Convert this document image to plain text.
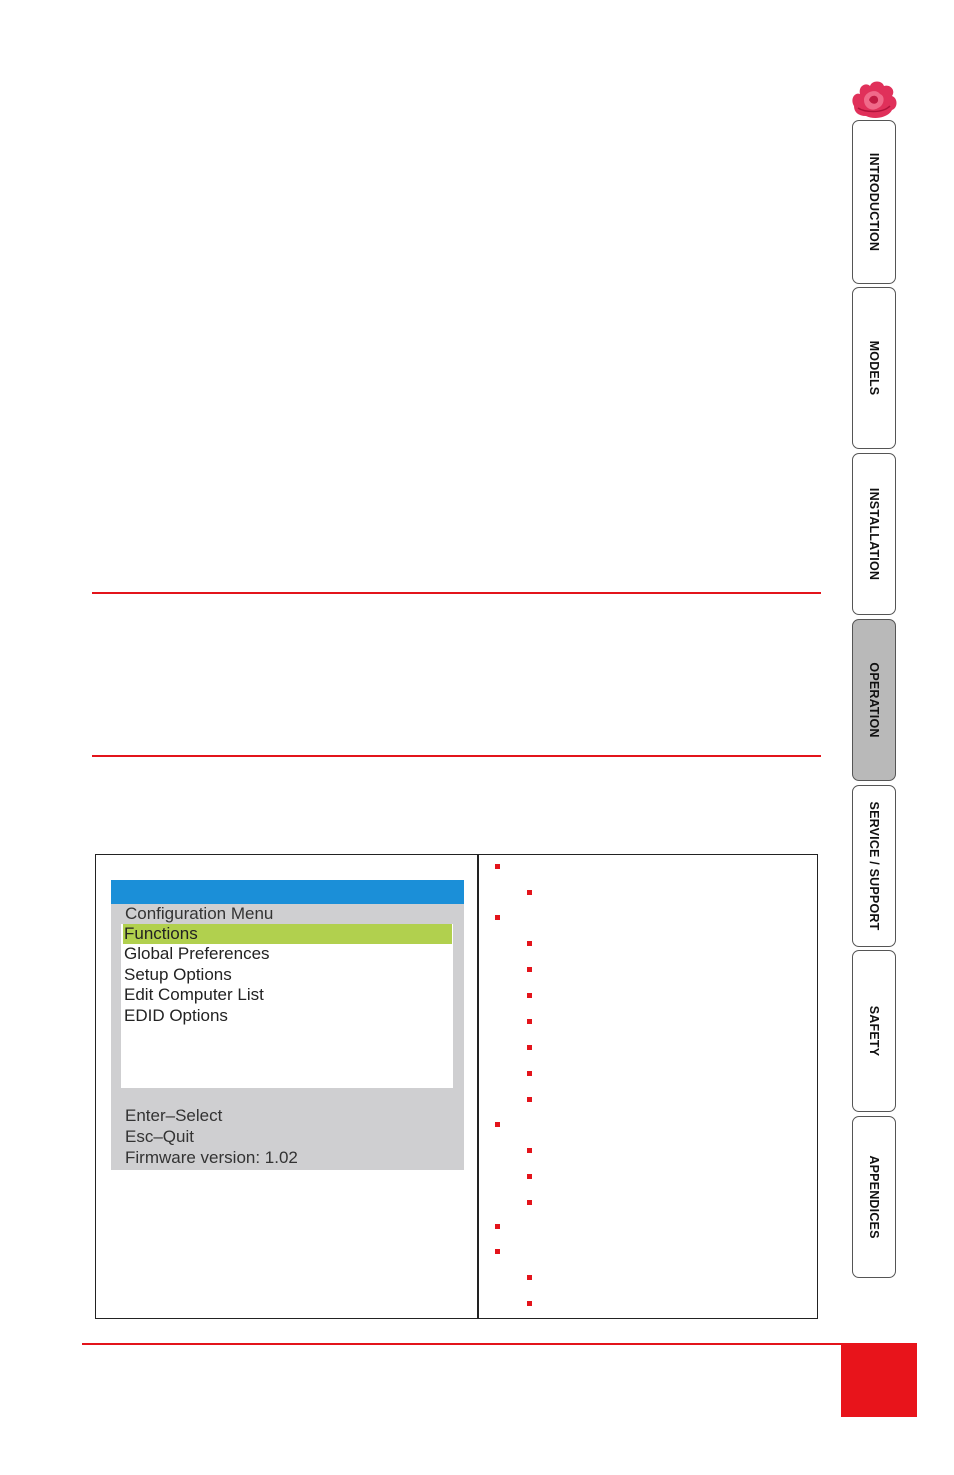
INTRODUCTION
MODELS
INSTALLATION
OPERATION
SERVICE / SUPPORT
SAFETY
APPENDICES
Configuration Menu
Functions
Global Preferences
Setup Options
Edit Computer List
EDID Options
Enter–Select
Esc–Quit
Firmware version: 1.02
